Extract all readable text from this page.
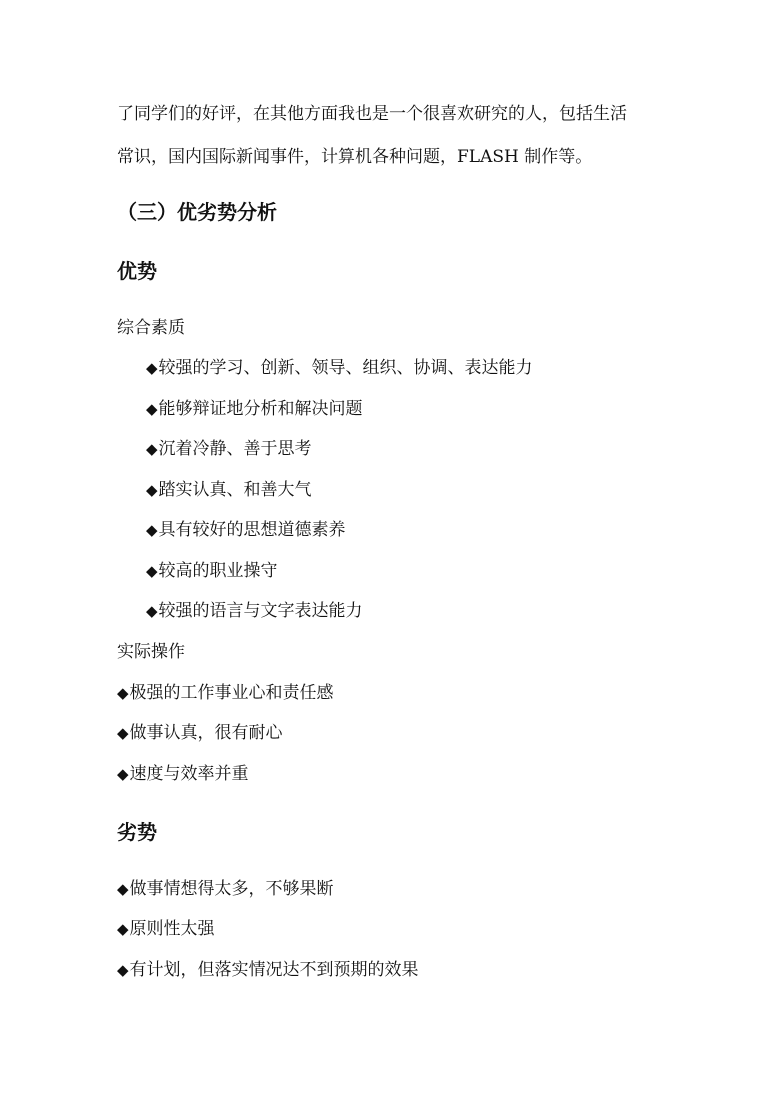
了同学们的好评，在其他方面我也是一个很喜欢研究的人，包括生活
常识，国内国际新闻事件，计算机各种问题，FLASH 制作等。
（三）优劣势分析
优势
综合素质
◆较强的学习、创新、领导、组织、协调、表达能力
◆能够辩证地分析和解决问题
◆沉着冷静、善于思考
◆踏实认真、和善大气
◆具有较好的思想道德素养
◆较高的职业操守
◆较强的语言与文字表达能力
实际操作
◆极强的工作事业心和责任感
◆做事认真，很有耐心
◆速度与效率并重
劣势
◆做事情想得太多，不够果断
◆原则性太强
◆有计划，但落实情况达不到预期的效果
